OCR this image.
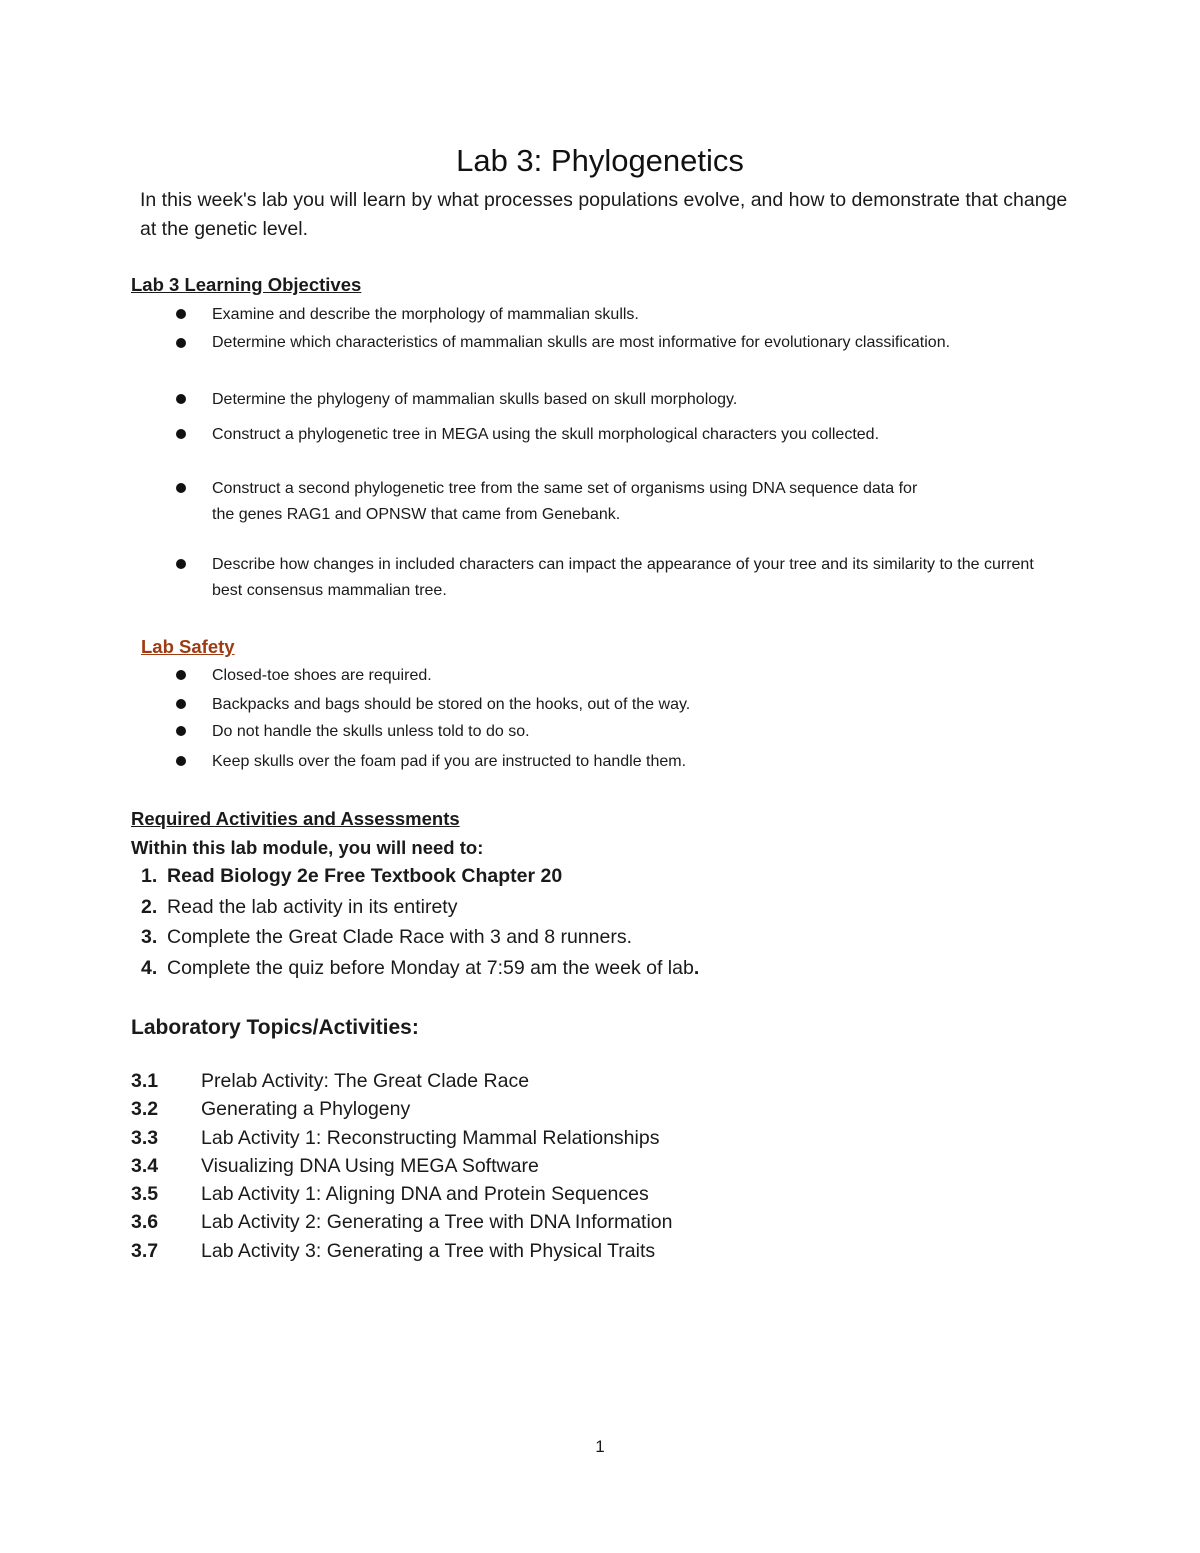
Lab 3: Phylogenetics
In this week's lab you will learn by what processes populations evolve, and how to demonstrate that change at the genetic level.
Lab 3 Learning Objectives
Examine and describe the morphology of mammalian skulls.
Determine which characteristics of mammalian skulls are most informative for evolutionary classification.
Determine the phylogeny of mammalian skulls based on skull morphology.
Construct a phylogenetic tree in MEGA using the skull morphological characters you collected.
Construct a second phylogenetic tree from the same set of organisms using DNA sequence data for the genes RAG1 and OPNSW that came from Genebank.
Describe how changes in included characters can impact the appearance of your tree and its similarity to the current best consensus mammalian tree.
Lab Safety
Closed-toe shoes are required.
Backpacks and bags should be stored on the hooks, out of the way.
Do not handle the skulls unless told to do so.
Keep skulls over the foam pad if you are instructed to handle them.
Required Activities and Assessments
Within this lab module, you will need to:
1. Read Biology 2e Free Textbook Chapter 20
2. Read the lab activity in its entirety
3. Complete the Great Clade Race with 3 and 8 runners.
4. Complete the quiz before Monday at 7:59 am the week of lab.
Laboratory Topics/Activities:
3.1 Prelab Activity: The Great Clade Race
3.2 Generating a Phylogeny
3.3 Lab Activity 1: Reconstructing Mammal Relationships
3.4 Visualizing DNA Using MEGA Software
3.5 Lab Activity 1: Aligning DNA and Protein Sequences
3.6 Lab Activity 2: Generating a Tree with DNA Information
3.7 Lab Activity 3: Generating a Tree with Physical Traits
1
